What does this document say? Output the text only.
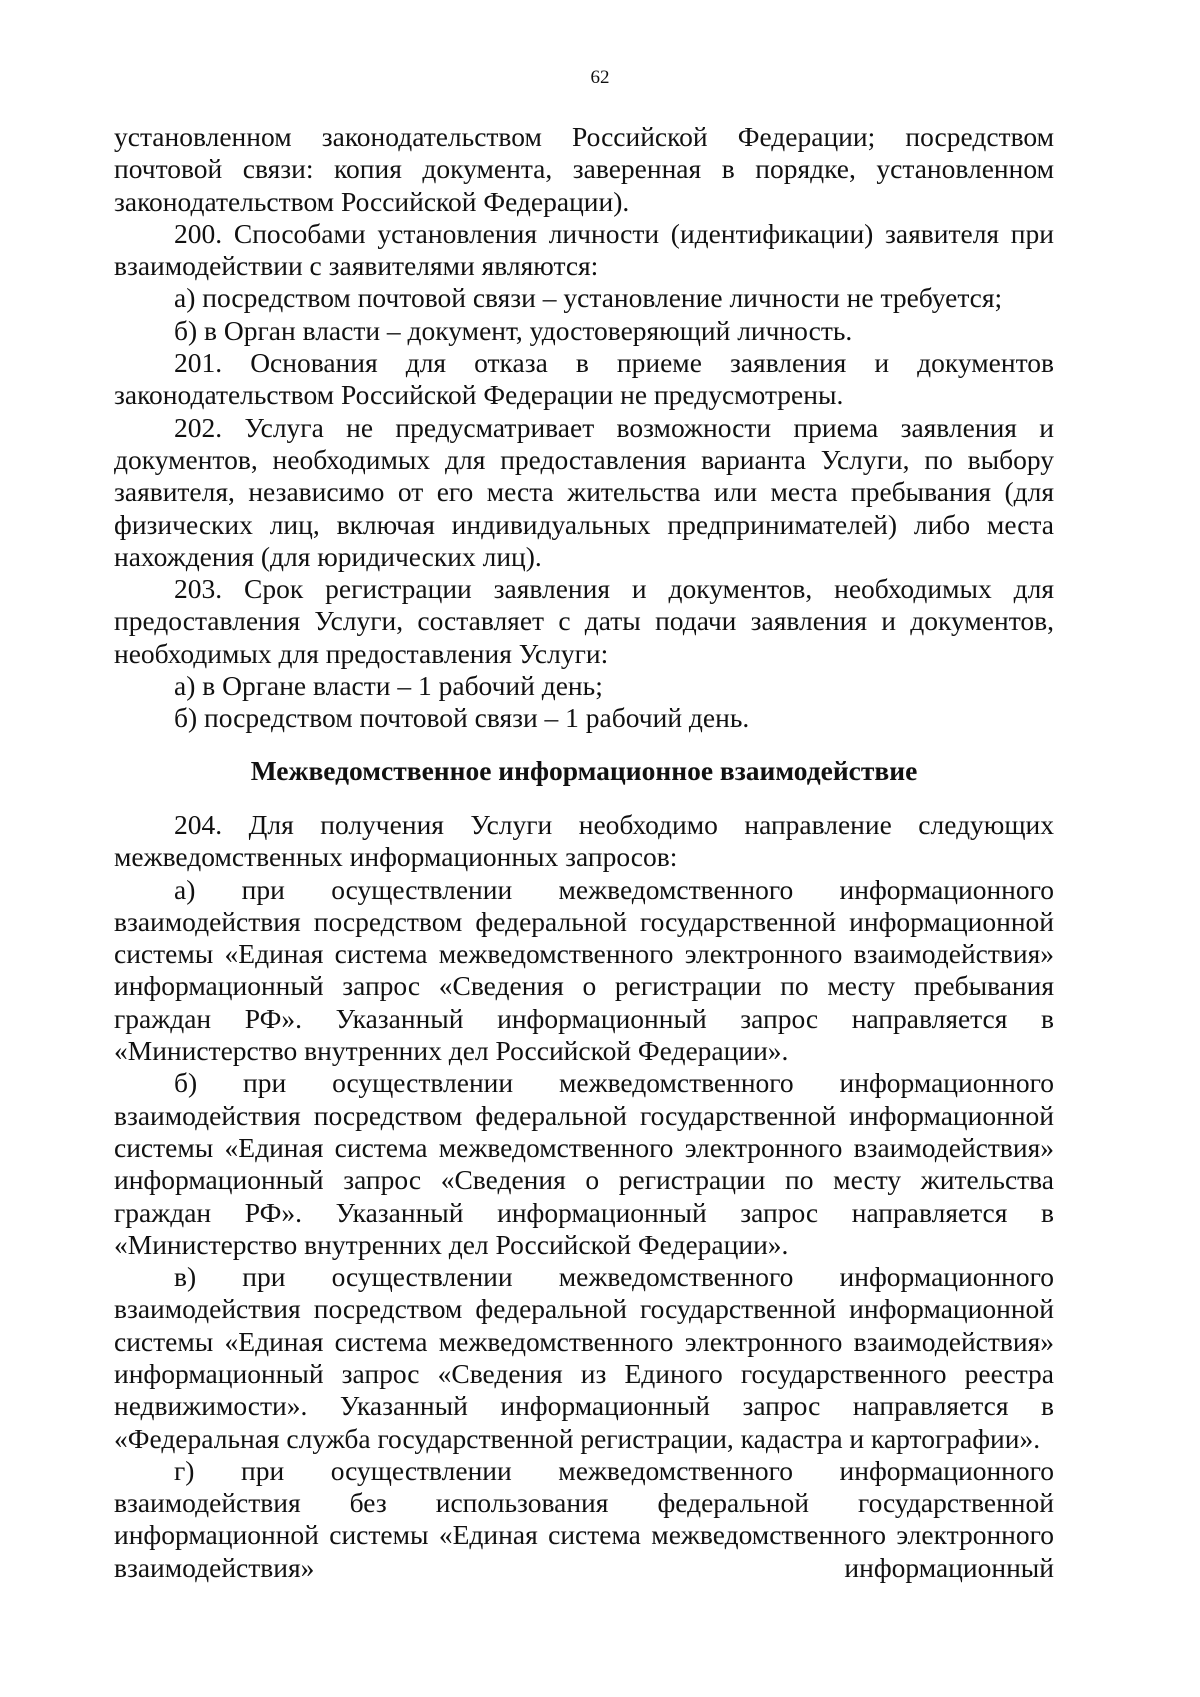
62

установленном законодательством Российской Федерации; посредством почтовой связи: копия документа, заверенная в порядке, установленном законодательством Российской Федерации).

200. Способами установления личности (идентификации) заявителя при взаимодействии с заявителями являются:

а) посредством почтовой связи – установление личности не требуется;

б) в Орган власти – документ, удостоверяющий личность.

201. Основания для отказа в приеме заявления и документов законодательством Российской Федерации не предусмотрены.

202. Услуга не предусматривает возможности приема заявления и документов, необходимых для предоставления варианта Услуги, по выбору заявителя, независимо от его места жительства или места пребывания (для физических лиц, включая индивидуальных предпринимателей) либо места нахождения (для юридических лиц).

203. Срок регистрации заявления и документов, необходимых для предоставления Услуги, составляет с даты подачи заявления и документов, необходимых для предоставления Услуги:

а) в Органе власти – 1 рабочий день;

б) посредством почтовой связи – 1 рабочий день.

Межведомственное информационное взаимодействие

204. Для получения Услуги необходимо направление следующих межведомственных информационных запросов:

а) при осуществлении межведомственного информационного взаимодействия посредством федеральной государственной информационной системы «Единая система межведомственного электронного взаимодействия» информационный запрос «Сведения о регистрации по месту пребывания граждан РФ». Указанный информационный запрос направляется в «Министерство внутренних дел Российской Федерации».

б) при осуществлении межведомственного информационного взаимодействия посредством федеральной государственной информационной системы «Единая система межведомственного электронного взаимодействия» информационный запрос «Сведения о регистрации по месту жительства граждан РФ». Указанный информационный запрос направляется в «Министерство внутренних дел Российской Федерации».

в) при осуществлении межведомственного информационного взаимодействия посредством федеральной государственной информационной системы «Единая система межведомственного электронного взаимодействия» информационный запрос «Сведения из Единого государственного реестра недвижимости». Указанный информационный запрос направляется в «Федеральная служба государственной регистрации, кадастра и картографии».

г) при осуществлении межведомственного информационного взаимодействия без использования федеральной государственной информационной системы «Единая система межведомственного электронного взаимодействия» информационный
